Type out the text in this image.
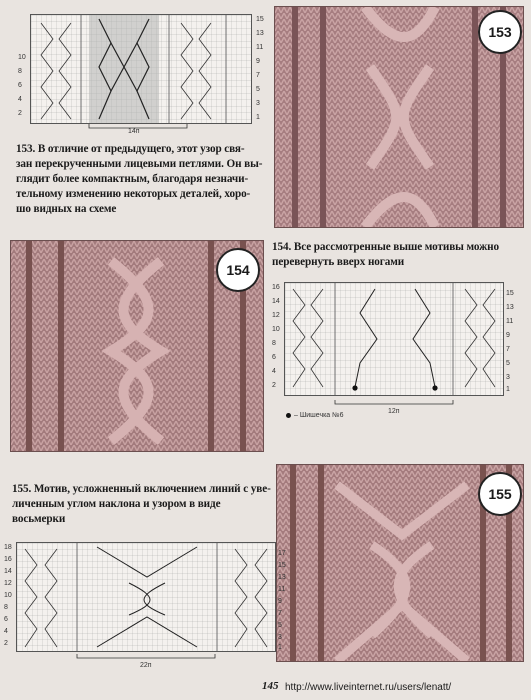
15
13
11
9
7
5
3
1
10
8
6
4
2
14п
153
153. В отличие от предыдущего, этот узор свя-
зан перекрученными лицевыми петлями. Он вы-
глядит более компактным, благодаря незначи-
тельному изменению некоторых деталей, хоро-
шо видных на схеме
154
154. Все рассмотренные выше мотивы можно
перевернуть вверх ногами
16
14
12
10
8
6
4
2
15
13
11
9
7
5
3
1
12п
– Шишечка №6
155. Мотив, усложненный включением линий с уве-
личенным углом наклона и узором в виде восьмерки
155
18
16
14
12
10
8
6
4
2
17
15
13
11
9
7
5
3
1
22п
145 http://www.liveinternet.ru/users/lenatt/
